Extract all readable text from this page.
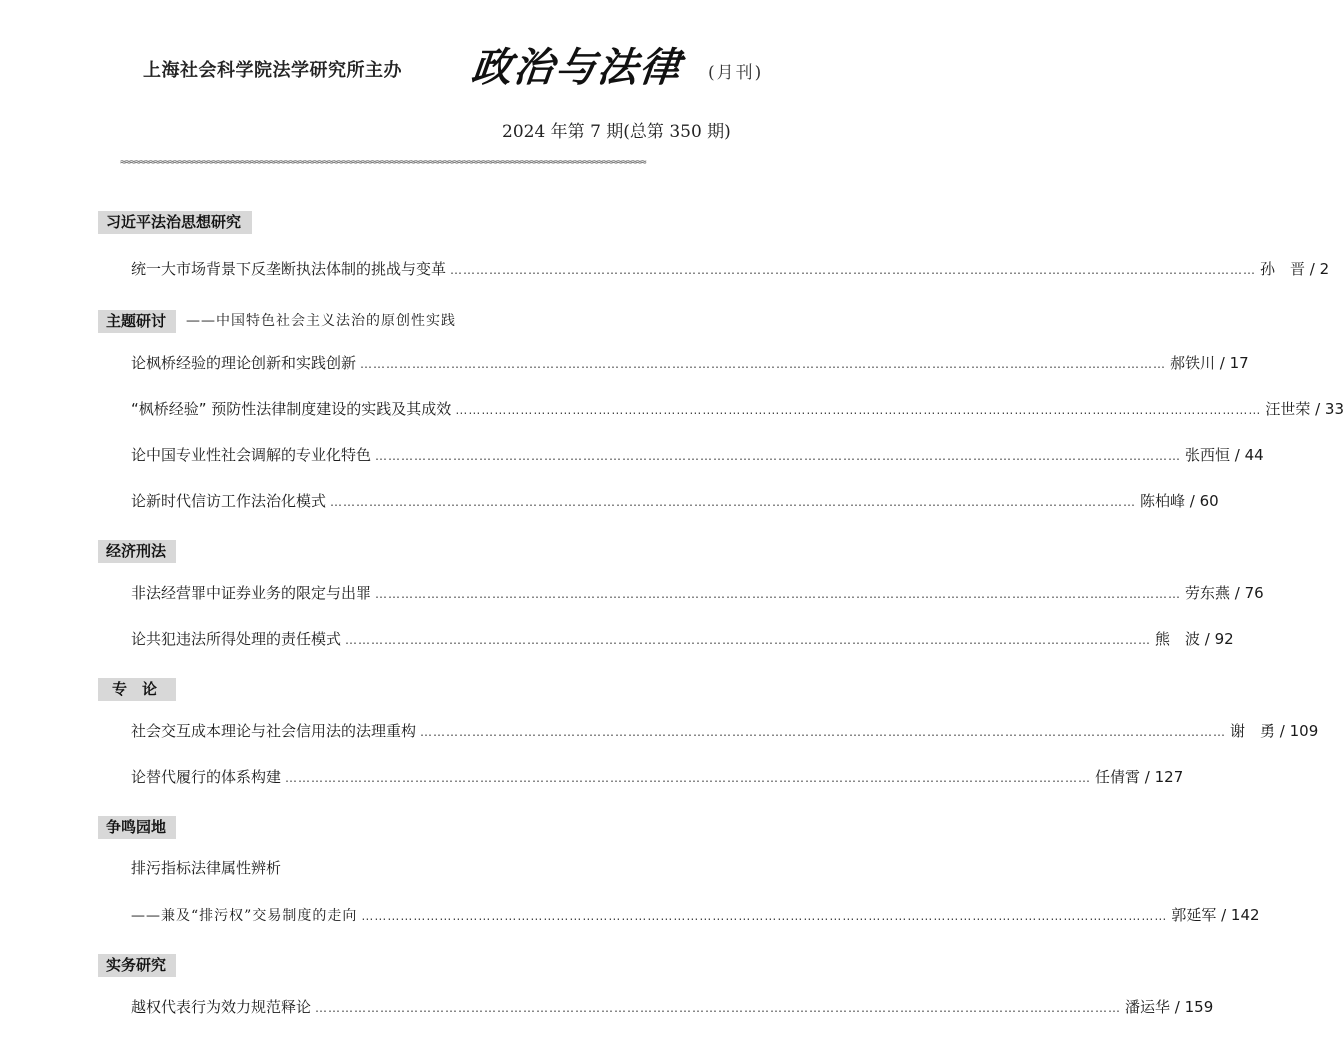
上海社会科学院法学研究所主办 政治与法律 (月刊)
2024 年第 7 期(总第 350 期)
≈≈≈≈≈≈≈≈≈≈≈≈≈≈≈≈≈≈≈≈≈≈≈≈≈≈≈≈≈≈≈≈≈≈≈≈≈≈≈≈≈≈≈≈≈≈≈≈≈≈≈≈≈≈≈≈≈≈≈≈≈≈≈≈≈≈≈≈≈≈≈≈≈≈≈≈≈≈≈≈≈≈≈≈≈≈≈≈≈≈≈≈≈≈≈≈≈≈≈≈≈≈≈≈≈≈≈≈≈
习近平法治思想研究
统一大市场背景下反垄断执法体制的挑战与变革 …………………………………………………………………………………………………………………………………………………………………… 孙　晋 / 2
主题研讨	——中国特色社会主义法治的原创性实践
论枫桥经验的理论创新和实践创新 …………………………………………………………………………………………………………………………………………………………………… 郝铁川 / 17
“枫桥经验” 预防性法律制度建设的实践及其成效 …………………………………………………………………………………………………………………………………………………………………… 汪世荣 / 33
论中国专业性社会调解的专业化特色 …………………………………………………………………………………………………………………………………………………………………… 张西恒 / 44
论新时代信访工作法治化模式 …………………………………………………………………………………………………………………………………………………………………… 陈柏峰 / 60
经济刑法
非法经营罪中证券业务的限定与出罪 …………………………………………………………………………………………………………………………………………………………………… 劳东燕 / 76
论共犯违法所得处理的责任模式 …………………………………………………………………………………………………………………………………………………………………… 熊　波 / 92
专　论
社会交互成本理论与社会信用法的法理重构 …………………………………………………………………………………………………………………………………………………………………… 谢　勇 / 109
论替代履行的体系构建 …………………………………………………………………………………………………………………………………………………………………… 任倩霄 / 127
争鸣园地
排污指标法律属性辨析
——兼及“排污权”交易制度的走向 …………………………………………………………………………………………………………………………………………………………………… 郭延军 / 142
实务研究
越权代表行为效力规范释论 …………………………………………………………………………………………………………………………………………………………………… 潘运华 / 159
